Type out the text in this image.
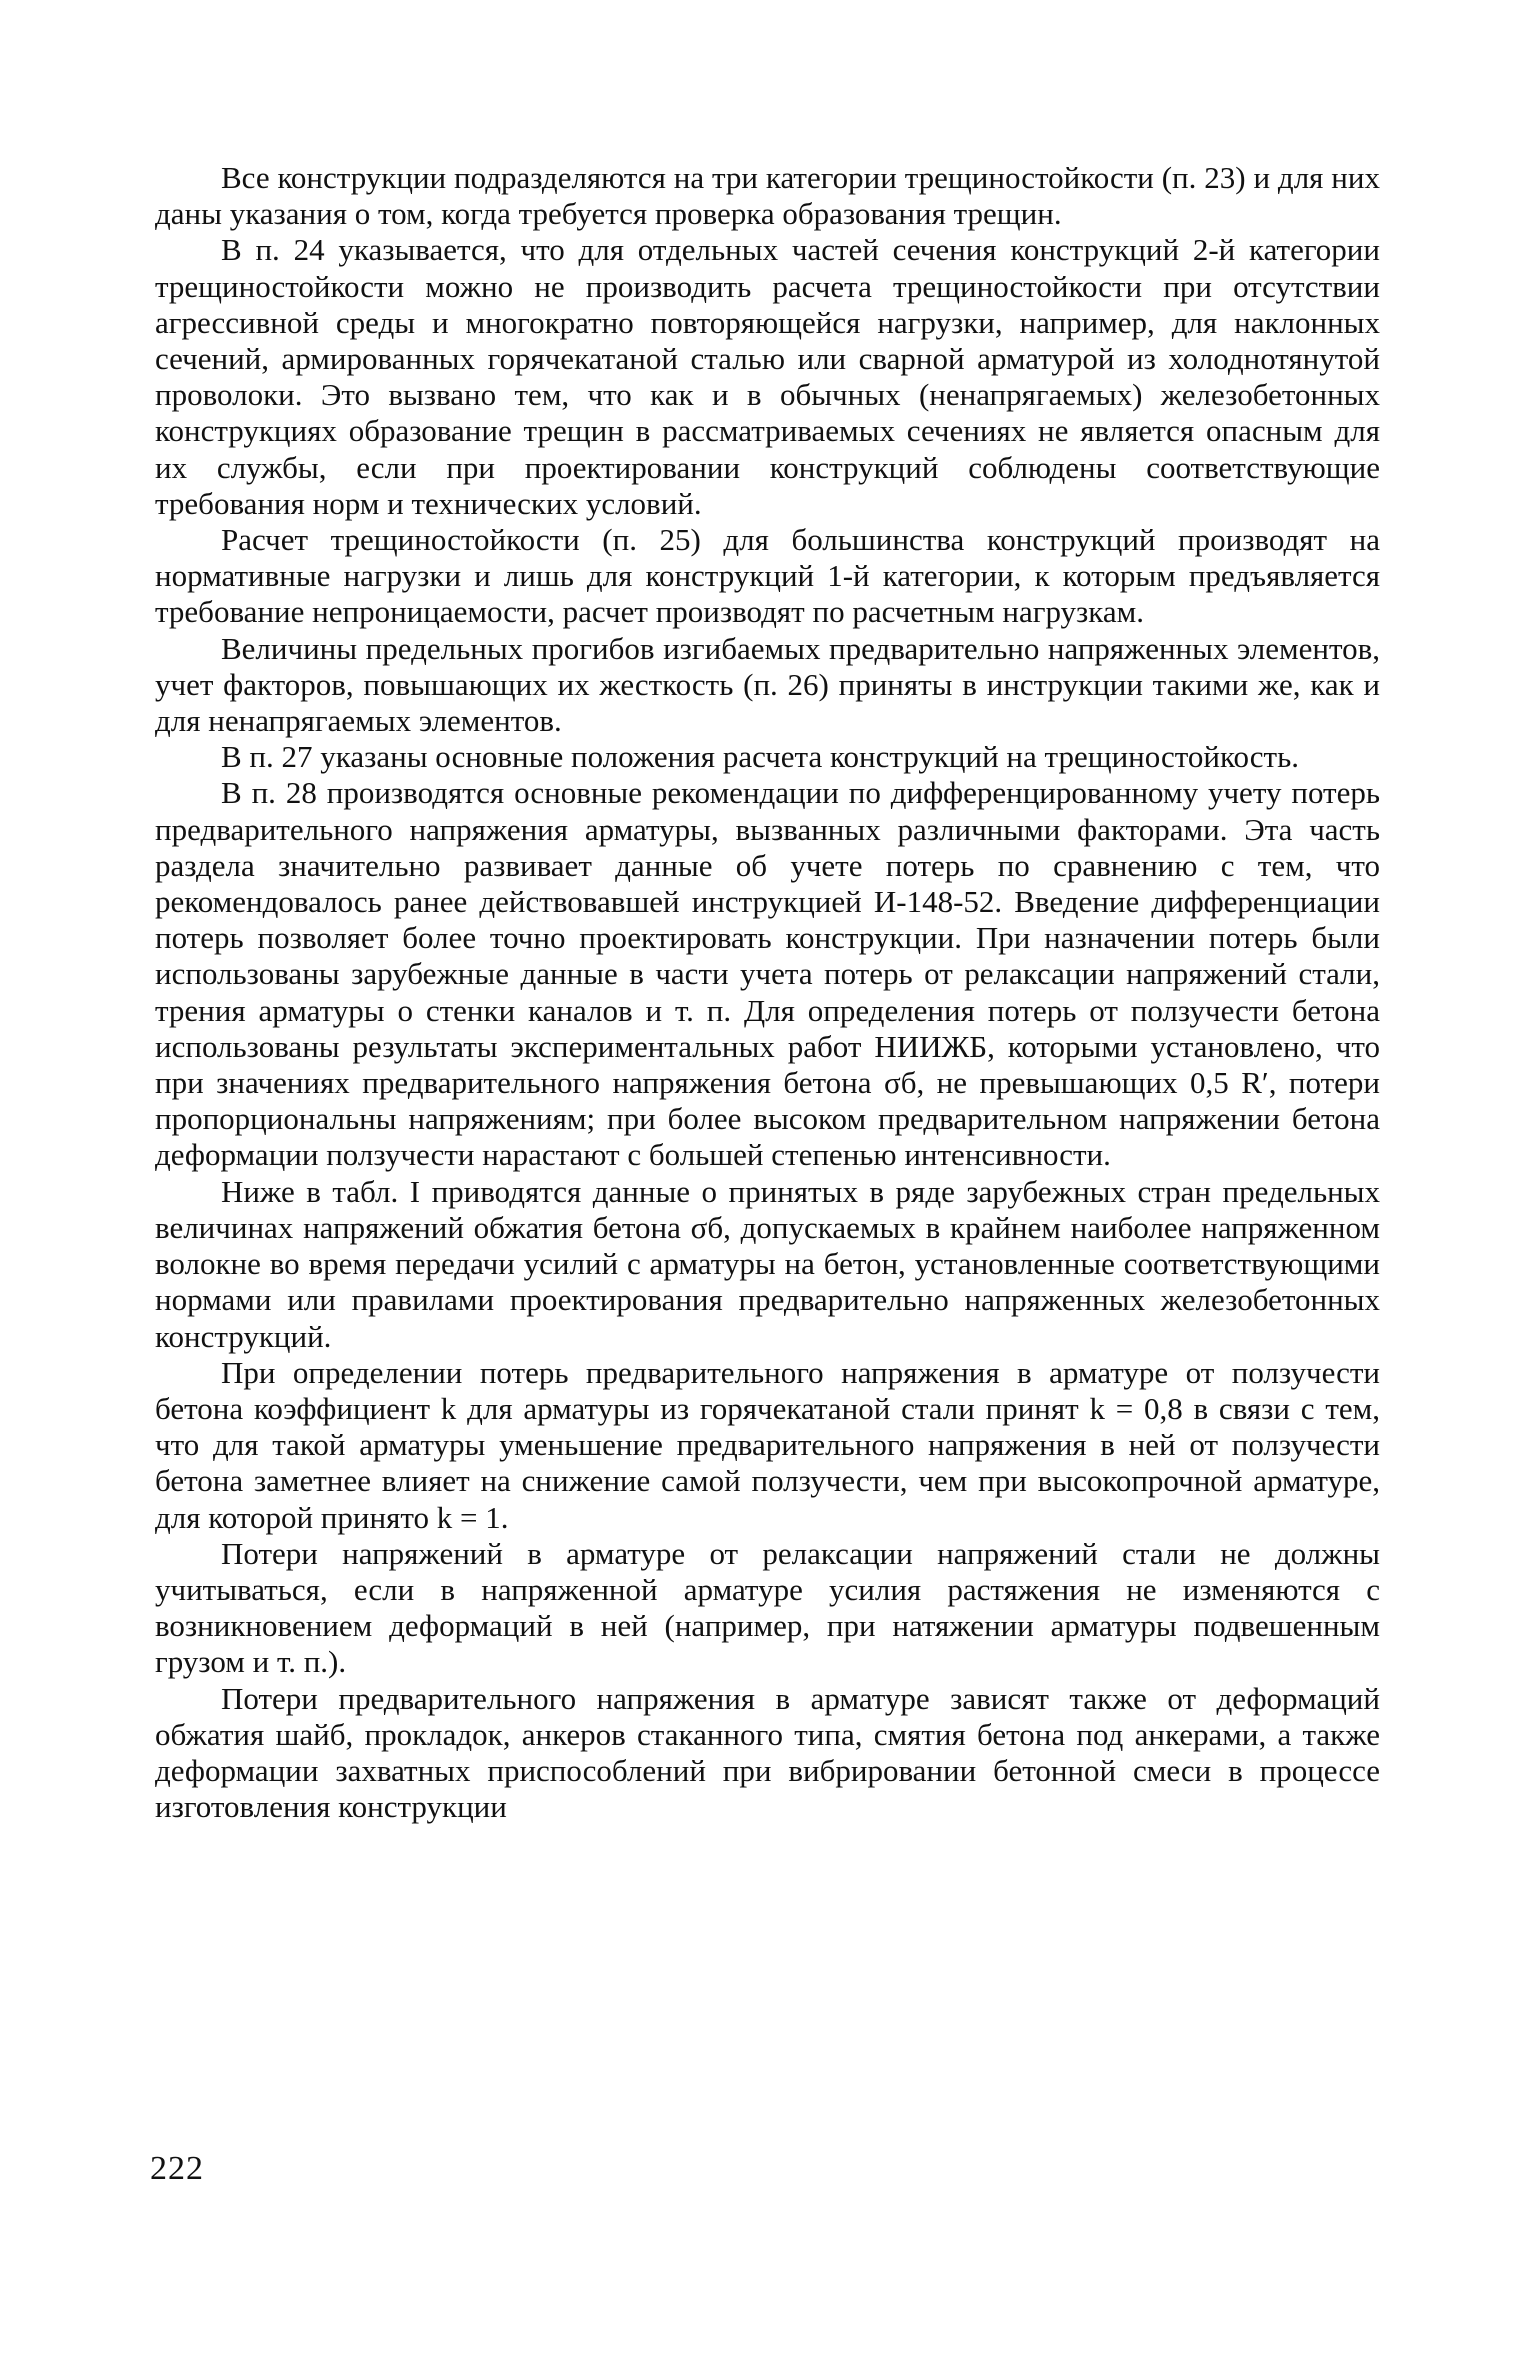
Все конструкции подразделяются на три категории трещиностойкости (п. 23) и для них даны указания о том, когда требуется проверка образования трещин.

В п. 24 указывается, что для отдельных частей сечения конструкций 2-й категории трещиностойкости можно не производить расчета трещиностойкости при отсутствии агрессивной среды и многократно повторяющейся нагрузки, например, для наклонных сечений, армированных горячекатаной сталью или сварной арматурой из холоднотянутой проволоки. Это вызвано тем, что как и в обычных (ненапрягаемых) железобетонных конструкциях образование трещин в рассматриваемых сечениях не является опасным для их службы, если при проектировании конструкций соблюдены соответствующие требования норм и технических условий.

Расчет трещиностойкости (п. 25) для большинства конструкций производят на нормативные нагрузки и лишь для конструкций 1-й категории, к которым предъявляется требование непроницаемости, расчет производят по расчетным нагрузкам.

Величины предельных прогибов изгибаемых предварительно напряженных элементов, учет факторов, повышающих их жесткость (п. 26) приняты в инструкции такими же, как и для ненапрягаемых элементов.

В п. 27 указаны основные положения расчета конструкций на трещиностойкость.

В п. 28 производятся основные рекомендации по дифференцированному учету потерь предварительного напряжения арматуры, вызванных различными факторами. Эта часть раздела значительно развивает данные об учете потерь по сравнению с тем, что рекомендовалось ранее действовавшей инструкцией И-148-52. Введение дифференциации потерь позволяет более точно проектировать конструкции. При назначении потерь были использованы зарубежные данные в части учета потерь от релаксации напряжений стали, трения арматуры о стенки каналов и т. п. Для определения потерь от ползучести бетона использованы результаты экспериментальных работ НИИЖБ, которыми установлено, что при значениях предварительного напряжения бетона σб, не превышающих 0,5 R′, потери пропорциональны напряжениям; при более высоком предварительном напряжении бетона деформации ползучести нарастают с большей степенью интенсивности.

Ниже в табл. I приводятся данные о принятых в ряде зарубежных стран предельных величинах напряжений обжатия бетона σб, допускаемых в крайнем наиболее напряженном волокне во время передачи усилий с арматуры на бетон, установленные соответствующими нормами или правилами проектирования предварительно напряженных железобетонных конструкций.

При определении потерь предварительного напряжения в арматуре от ползучести бетона коэффициент k для арматуры из горячекатаной стали принят k = 0,8 в связи с тем, что для такой арматуры уменьшение предварительного напряжения в ней от ползучести бетона заметнее влияет на снижение самой ползучести, чем при высокопрочной арматуре, для которой принято k = 1.

Потери напряжений в арматуре от релаксации напряжений стали не должны учитываться, если в напряженной арматуре усилия растяжения не изменяются с возникновением деформаций в ней (например, при натяжении арматуры подвешенным грузом и т. п.).

Потери предварительного напряжения в арматуре зависят также от деформаций обжатия шайб, прокладок, анкеров стаканного типа, смятия бетона под анкерами, а также деформации захватных приспособлений при вибрировании бетонной смеси в процессе изготовления конструкции

222
